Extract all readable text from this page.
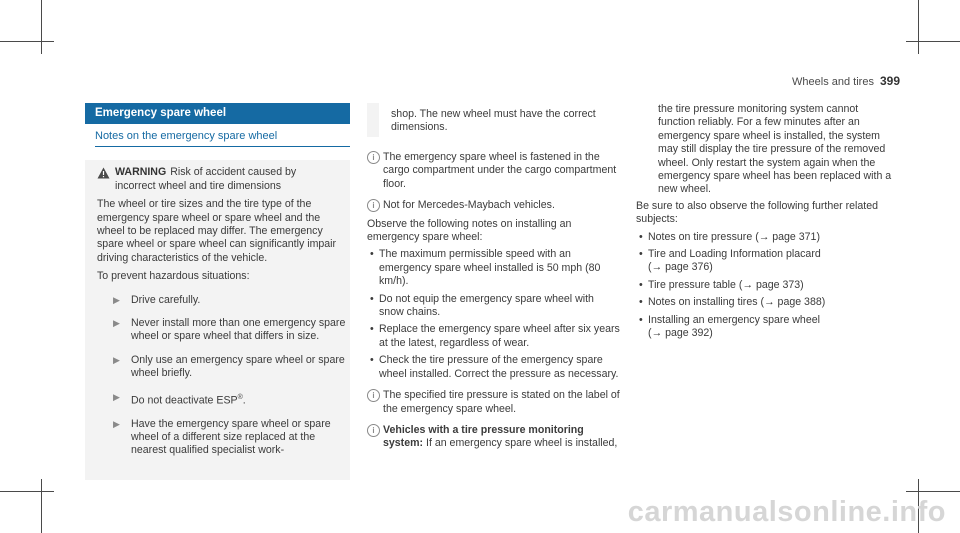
Wheels and tires 399
Emergency spare wheel
Notes on the emergency spare wheel

WARNING Risk of accident caused by incorrect wheel and tire dimensions

The wheel or tire sizes and the tire type of the emergency spare wheel or spare wheel and the wheel to be replaced may differ. The emergency spare wheel or spare wheel can significantly impair driving characteristics of the vehicle.

To prevent hazardous situations:

▶	Drive carefully.
▶	Never install more than one emergency spare wheel or spare wheel that differs in size.
▶	Only use an emergency spare wheel or spare wheel briefly.
▶	Do not deactivate ESP®.
▶	Have the emergency spare wheel or spare wheel of a different size replaced at the nearest qualified specialist work-

shop. The new wheel must have the correct dimensions.

i The emergency spare wheel is fastened in the cargo compartment under the cargo compartment floor.

i Not for Mercedes-Maybach vehicles.

Observe the following notes on installing an emergency spare wheel:

• The maximum permissible speed with an emergency spare wheel installed is 50 mph (80 km/h).
• Do not equip the emergency spare wheel with snow chains.
• Replace the emergency spare wheel after six years at the latest, regardless of wear.
• Check the tire pressure of the emergency spare wheel installed. Correct the pressure as necessary.
i The specified tire pressure is stated on the label of the emergency spare wheel.

i Vehicles with a tire pressure monitoring system: If an emergency spare wheel is installed,

the tire pressure monitoring system cannot function reliably. For a few minutes after an emergency spare wheel is installed, the system may still display the tire pressure of the removed wheel. Only restart the system again when the emergency spare wheel has been replaced with a new wheel.

Be sure to also observe the following further related subjects:

• Notes on tire pressure (→ page 371)
• Tire and Loading Information placard
(→ page 376)
• Tire pressure table (→ page 373)
• Notes on installing tires (→ page 388)
• Installing an emergency spare wheel
(→ page 392)
carmanualsonline.info
